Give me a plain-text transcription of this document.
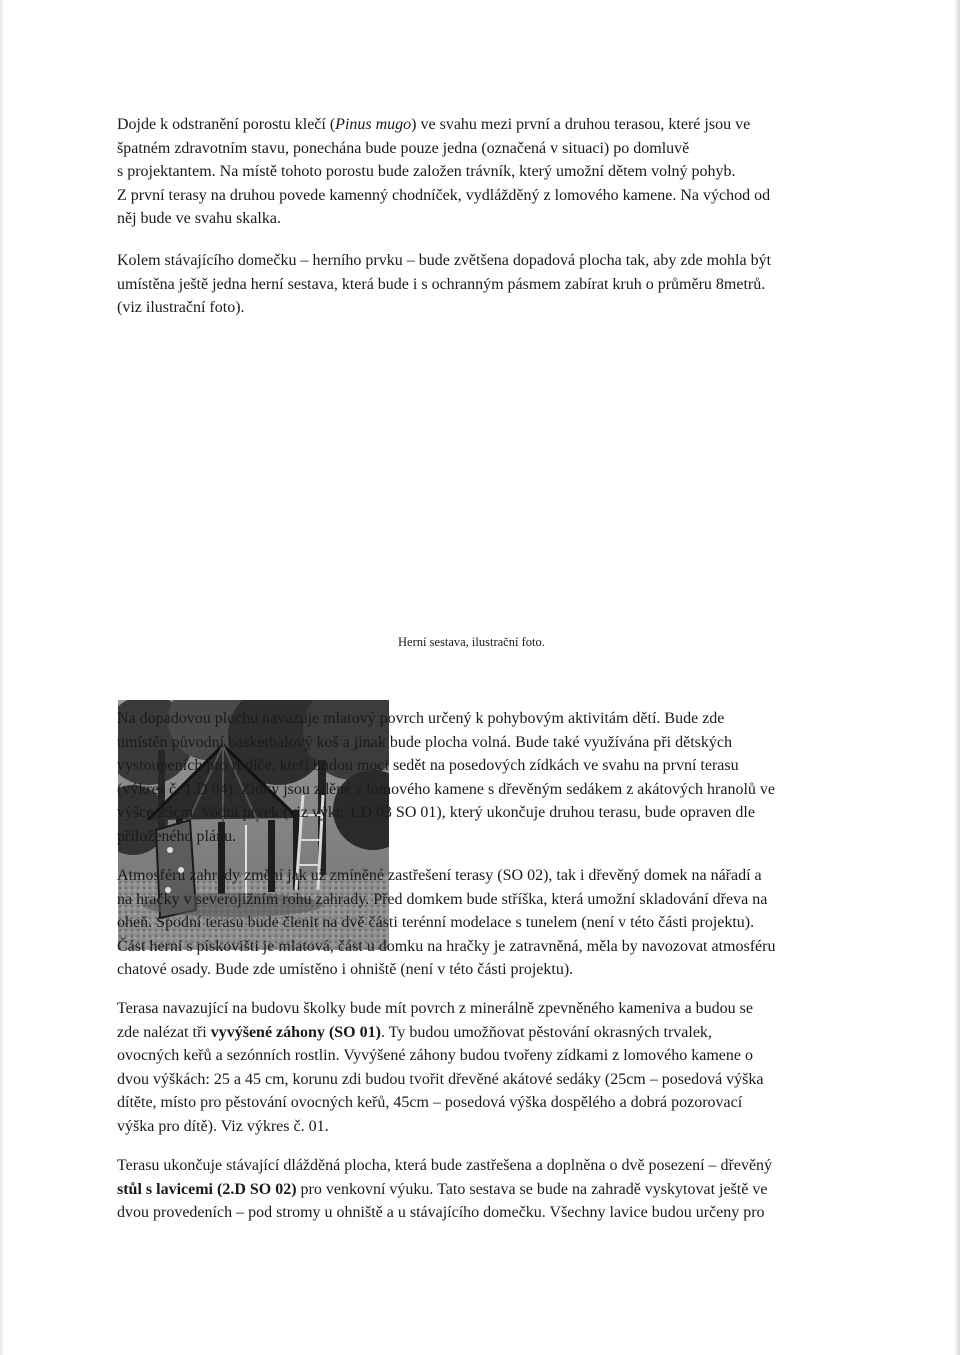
Dojde k odstranění porostu klečí (Pinus mugo) ve svahu mezi první a druhou terasou, které jsou ve
špatném zdravotním stavu, ponechána bude pouze jedna (označená v situaci) po domluvě
s projektantem. Na místě tohoto porostu bude založen trávník, který umožní dětem volný pohyb.
Z první terasy na druhou povede kamenný chodníček, vydlážděný z lomového kamene. Na východ od
něj bude ve svahu skalka.
Kolem stávajícího domečku – herního prvku – bude zvětšena dopadová plocha tak, aby zde mohla být
umístěna ještě jedna herní sestava, která bude i s ochranným pásmem zabírat kruh o průměru 8metrů.
(viz ilustrační foto).
Herní sestava, ilustrační foto.
Na dopadovou plochu navazuje mlatový povrch určený k pohybovým aktivitám dětí. Bude zde
umístěn původní basketbalový koš a jinak bude plocha volná. Bude také využívána při dětských
vystoupeních pro rodiče, kteří budou moci sedět na posedových zídkách ve svahu na první terasu
(výkres č. 1.D 04). Zídky jsou zděné z lomového kamene s dřevěným sedákem z akátových hranolů ve
výšce 25cm. Vodní prvek (viz výkr. 1.D 03 SO 01), který ukončuje druhou terasu, bude opraven dle
přiloženého plánu.
Atmosféru zahrady změní jak už zmíněné zastřešení terasy (SO 02), tak i dřevěný domek na nářadí a
na hračky v severojižním rohu zahrady. Před domkem bude stříška, která umožní skladování dřeva na
oheň. Spodní terasu bude členit na dvě části terénní modelace s tunelem (není v této části projektu).
Část herní s pískovišti je mlatová, část u domku na hračky je zatravněná, měla by navozovat atmosféru
chatové osady. Bude zde umístěno i ohniště (není v této části projektu).
Terasa navazující na budovu školky bude mít povrch z minerálně zpevněného kameniva a budou se
zde nalézat tři vyvýšené záhony (SO 01). Ty budou umožňovat pěstování okrasných trvalek,
ovocných keřů a sezónních rostlin. Vyvýšené záhony budou tvořeny zídkami z lomového kamene o
dvou výškách: 25 a 45 cm, korunu zdi budou tvořit dřevěné akátové sedáky (25cm – posedová výška
dítěte, místo pro pěstování ovocných keřů, 45cm – posedová výška dospělého a dobrá pozorovací
výška pro dítě). Viz výkres č. 01.
Terasu ukončuje stávající dlážděná plocha, která bude zastřešena a doplněna o dvě posezení – dřevěný
stůl s lavicemi (2.D SO 02) pro venkovní výuku. Tato sestava se bude na zahradě vyskytovat ještě ve
dvou provedeních – pod stromy u ohniště a u stávajícího domečku. Všechny lavice budou určeny pro
